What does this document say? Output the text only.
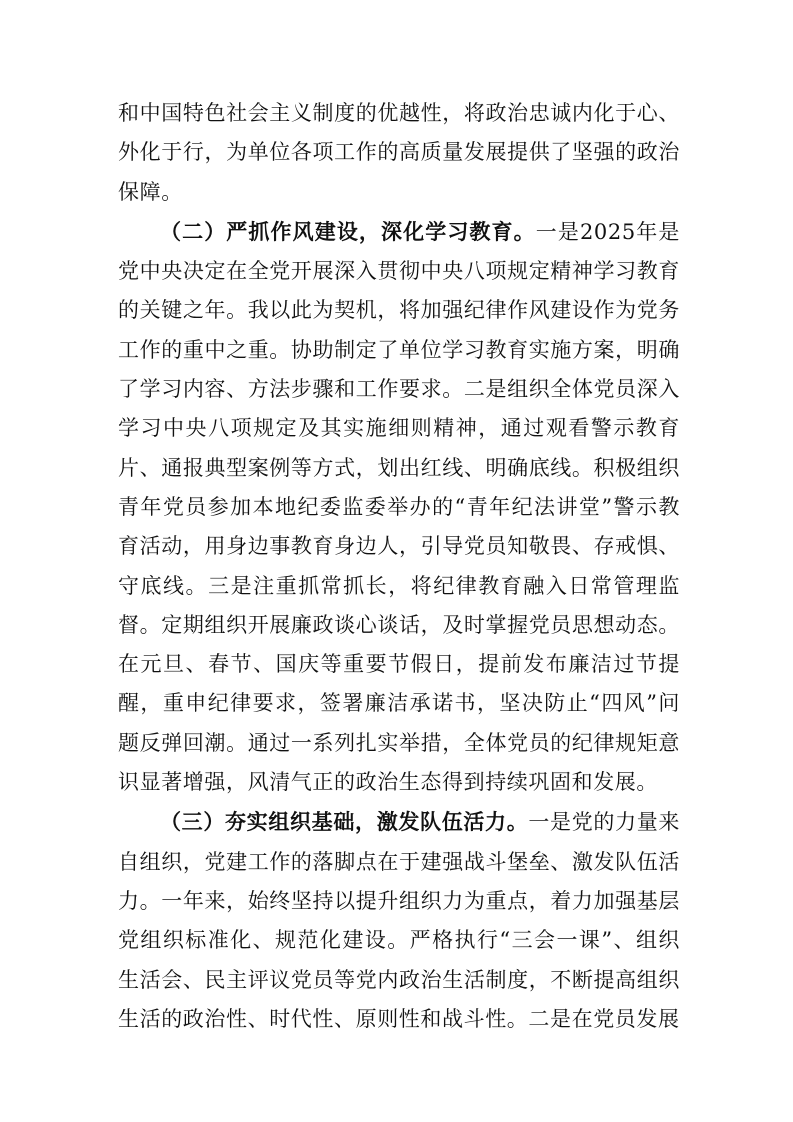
和中国特色社会主义制度的优越性，将政治忠诚内化于心、外化于行，为单位各项工作的高质量发展提供了坚强的政治保障。

（二）严抓作风建设，深化学习教育。一是2025年是党中央决定在全党开展深入贯彻中央八项规定精神学习教育的关键之年。我以此为契机，将加强纪律作风建设作为党务工作的重中之重。协助制定了单位学习教育实施方案，明确了学习内容、方法步骤和工作要求。二是组织全体党员深入学习中央八项规定及其实施细则精神，通过观看警示教育片、通报典型案例等方式，划出红线、明确底线。积极组织青年党员参加本地纪委监委举办的“青年纪法讲堂”警示教育活动，用身边事教育身边人，引导党员知敬畏、存戒惧、守底线。三是注重抓常抓长，将纪律教育融入日常管理监督。定期组织开展廉政谈心谈话，及时掌握党员思想动态。在元旦、春节、国庆等重要节假日，提前发布廉洁过节提醒，重申纪律要求，签署廉洁承诺书，坚决防止“四风”问题反弹回潮。通过一系列扎实举措，全体党员的纪律规矩意识显著增强，风清气正的政治生态得到持续巩固和发展。

（三）夯实组织基础，激发队伍活力。一是党的力量来自组织，党建工作的落脚点在于建强战斗堡垒、激发队伍活力。一年来，始终坚持以提升组织力为重点，着力加强基层党组织标准化、规范化建设。严格执行“三会一课”、组织生活会、民主评议党员等党内政治生活制度，不断提高组织生活的政治性、时代性、原则性和战斗性。二是在党员发展
